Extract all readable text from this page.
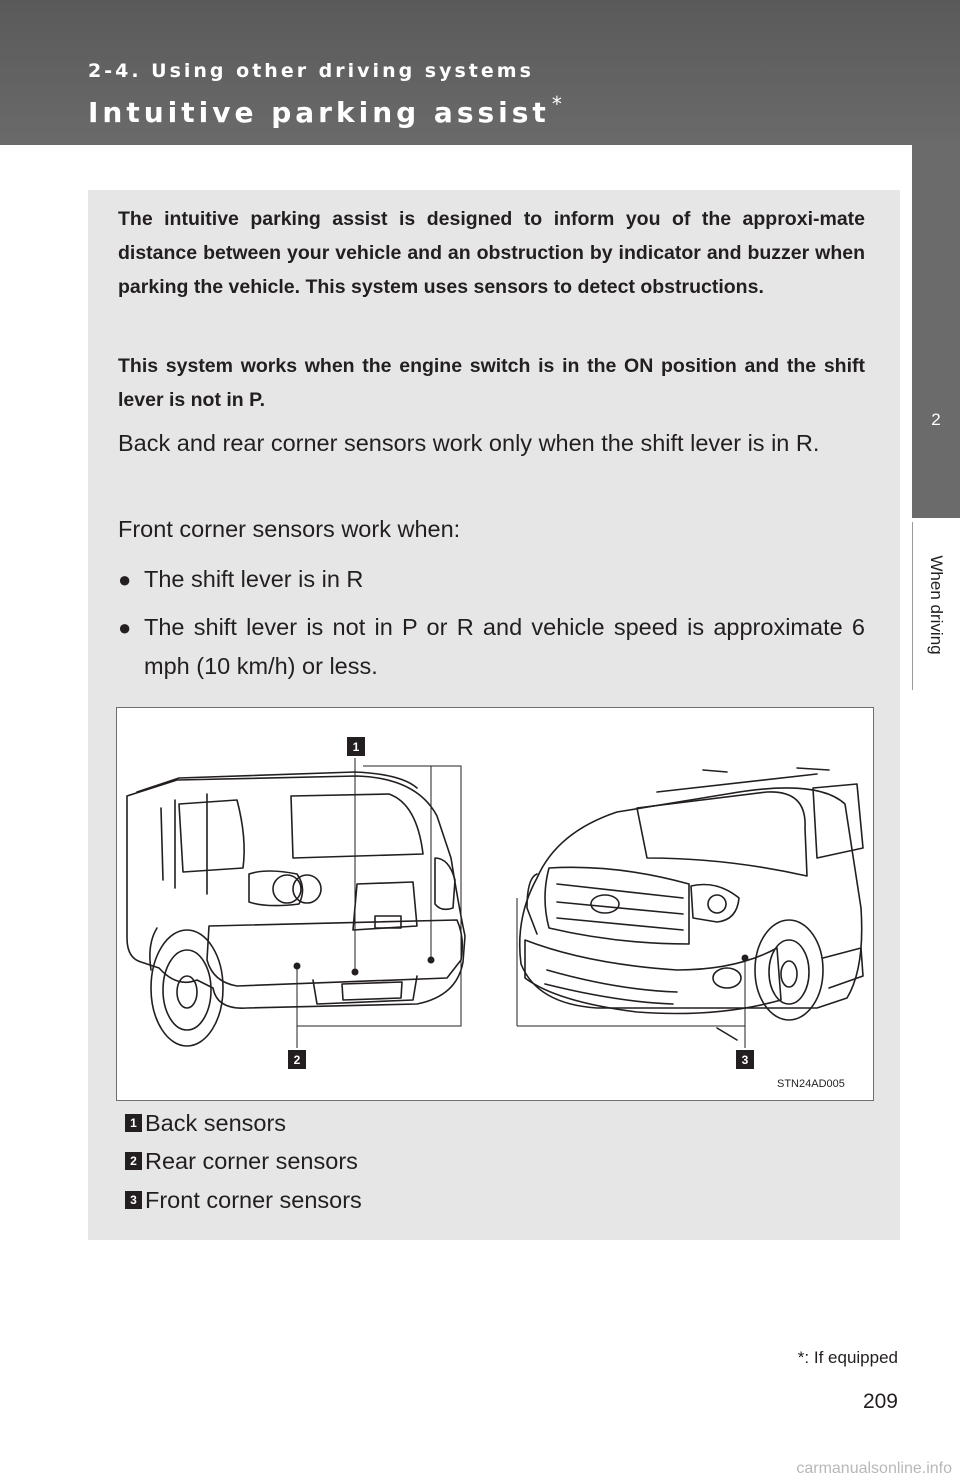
2-4. Using other driving systems
Intuitive parking assist *
2
When driving

The intuitive parking assist is designed to inform you of the approxi-mate distance between your vehicle and an obstruction by indicator and buzzer when parking the vehicle. This system uses sensors to detect obstructions.

This system works when the engine switch is in the ON position and the shift lever is not in P.

Back and rear corner sensors work only when the shift lever is in R.

Front corner sensors work when:

● The shift lever is in R
● The shift lever is not in P or R and vehicle speed is approximate 6 mph (10 km/h) or less.
1
2	3
STN24AD005
1 Back sensors
2 Rear corner sensors
3 Front corner sensors
*: If equipped
209
carmanualsonline.info
